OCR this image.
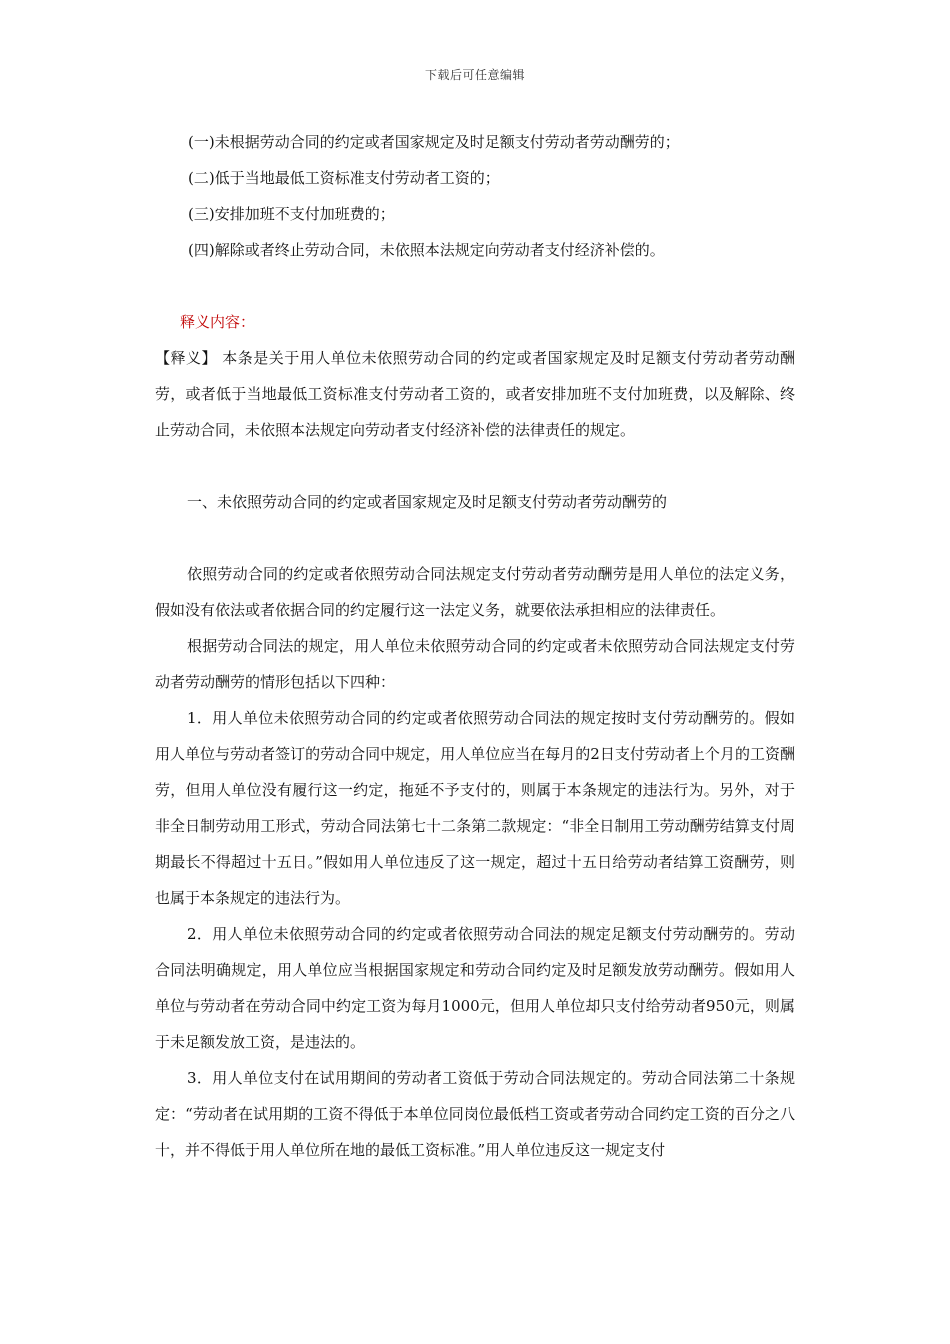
下载后可任意编辑

(一)未根据劳动合同的约定或者国家规定及时足额支付劳动者劳动酬劳的；

(二)低于当地最低工资标准支付劳动者工资的；

(三)安排加班不支付加班费的；

(四)解除或者终止劳动合同，未依照本法规定向劳动者支付经济补偿的。

释义内容：

【释义】 本条是关于用人单位未依照劳动合同的约定或者国家规定及时足额支付劳动者劳动酬劳，或者低于当地最低工资标准支付劳动者工资的，或者安排加班不支付加班费，以及解除、终止劳动合同，未依照本法规定向劳动者支付经济补偿的法律责任的规定。

一、未依照劳动合同的约定或者国家规定及时足额支付劳动者劳动酬劳的

依照劳动合同的约定或者依照劳动合同法规定支付劳动者劳动酬劳是用人单位的法定义务，假如没有依法或者依据合同的约定履行这一法定义务，就要依法承担相应的法律责任。

根据劳动合同法的规定，用人单位未依照劳动合同的约定或者未依照劳动合同法规定支付劳动者劳动酬劳的情形包括以下四种：

1．用人单位未依照劳动合同的约定或者依照劳动合同法的规定按时支付劳动酬劳的。假如用人单位与劳动者签订的劳动合同中规定，用人单位应当在每月的2日支付劳动者上个月的工资酬劳，但用人单位没有履行这一约定，拖延不予支付的，则属于本条规定的违法行为。另外，对于非全日制劳动用工形式，劳动合同法第七十二条第二款规定：“非全日制用工劳动酬劳结算支付周期最长不得超过十五日。”假如用人单位违反了这一规定，超过十五日给劳动者结算工资酬劳，则也属于本条规定的违法行为。

2．用人单位未依照劳动合同的约定或者依照劳动合同法的规定足额支付劳动酬劳的。劳动合同法明确规定，用人单位应当根据国家规定和劳动合同约定及时足额发放劳动酬劳。假如用人单位与劳动者在劳动合同中约定工资为每月1000元，但用人单位却只支付给劳动者950元，则属于未足额发放工资，是违法的。

3．用人单位支付在试用期间的劳动者工资低于劳动合同法规定的。劳动合同法第二十条规定：“劳动者在试用期的工资不得低于本单位同岗位最低档工资或者劳动合同约定工资的百分之八十，并不得低于用人单位所在地的最低工资标准。”用人单位违反这一规定支付
